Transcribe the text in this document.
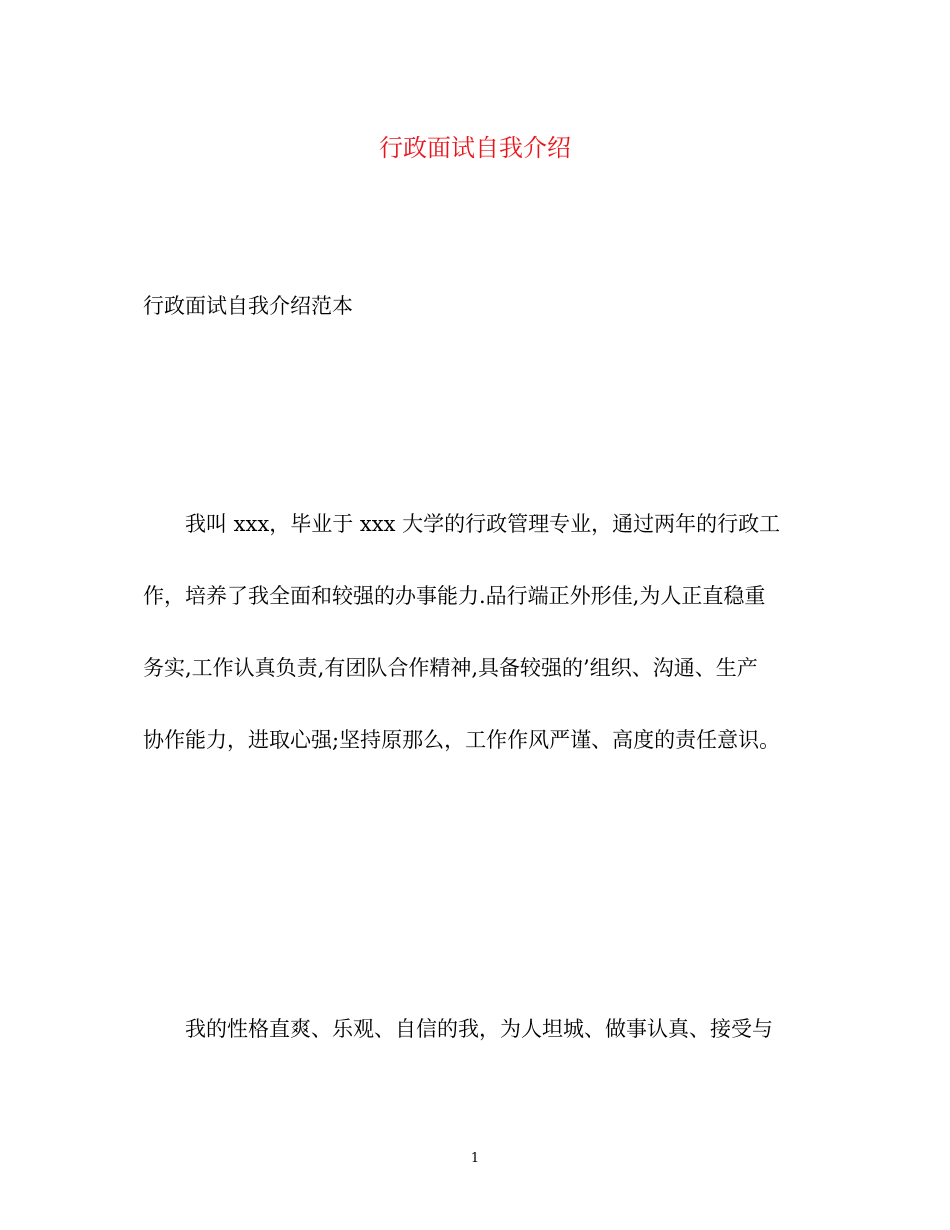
行政面试自我介绍

行政面试自我介绍范本

我叫 xxx，毕业于 xxx 大学的行政管理专业，通过两年的行政工

作，培养了我全面和较强的办事能力.品行端正外形佳,为人正直稳重

务实,工作认真负责,有团队合作精神,具备较强的’组织、沟通、生产

协作能力，进取心强;坚持原那么，工作作风严谨、高度的责任意识。

我的性格直爽、乐观、自信的我，为人坦城、做事认真、接受与

1
